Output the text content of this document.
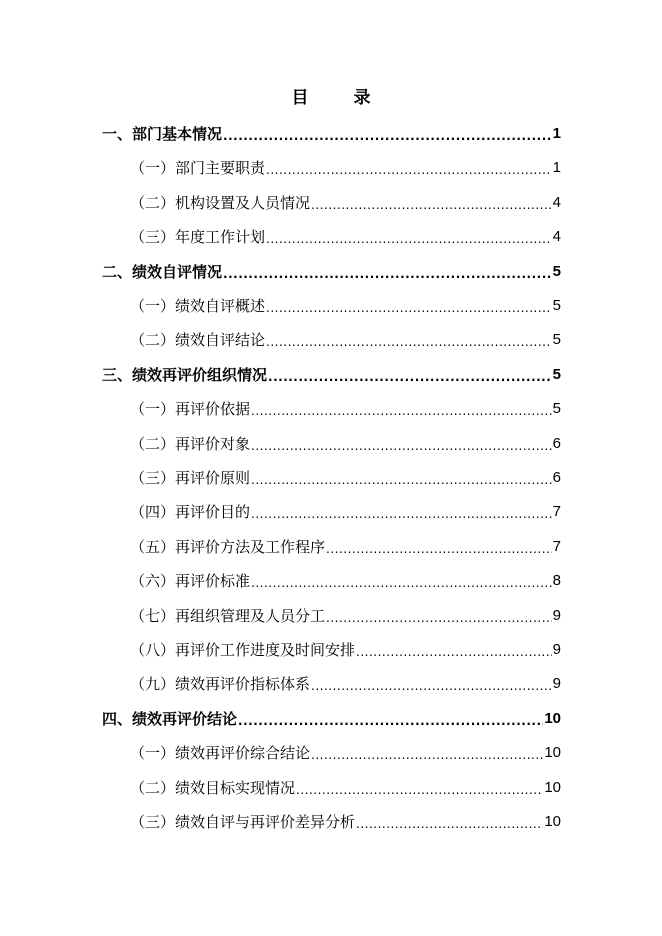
目　录
一、部门基本情况 .....	1
（一）部门主要职责 .....	1
（二）机构设置及人员情况 .....	4
（三）年度工作计划 .....	4
二、绩效自评情况 .....	5
（一）绩效自评概述 .....	5
（二）绩效自评结论 .....	5
三、绩效再评价组织情况 .....	5
（一）再评价依据 .....	5
（二）再评价对象 .....	6
（三）再评价原则 .....	6
（四）再评价目的 .....	7
（五）再评价方法及工作程序 .....	7
（六）再评价标准 .....	8
（七）再组织管理及人员分工 .....	9
（八）再评价工作进度及时间安排 .....	9
（九）绩效再评价指标体系 .....	9
四、绩效再评价结论 .....	10
（一）绩效再评价综合结论 .....	10
（二）绩效目标实现情况 .....	10
（三）绩效自评与再评价差异分析 .....	10
